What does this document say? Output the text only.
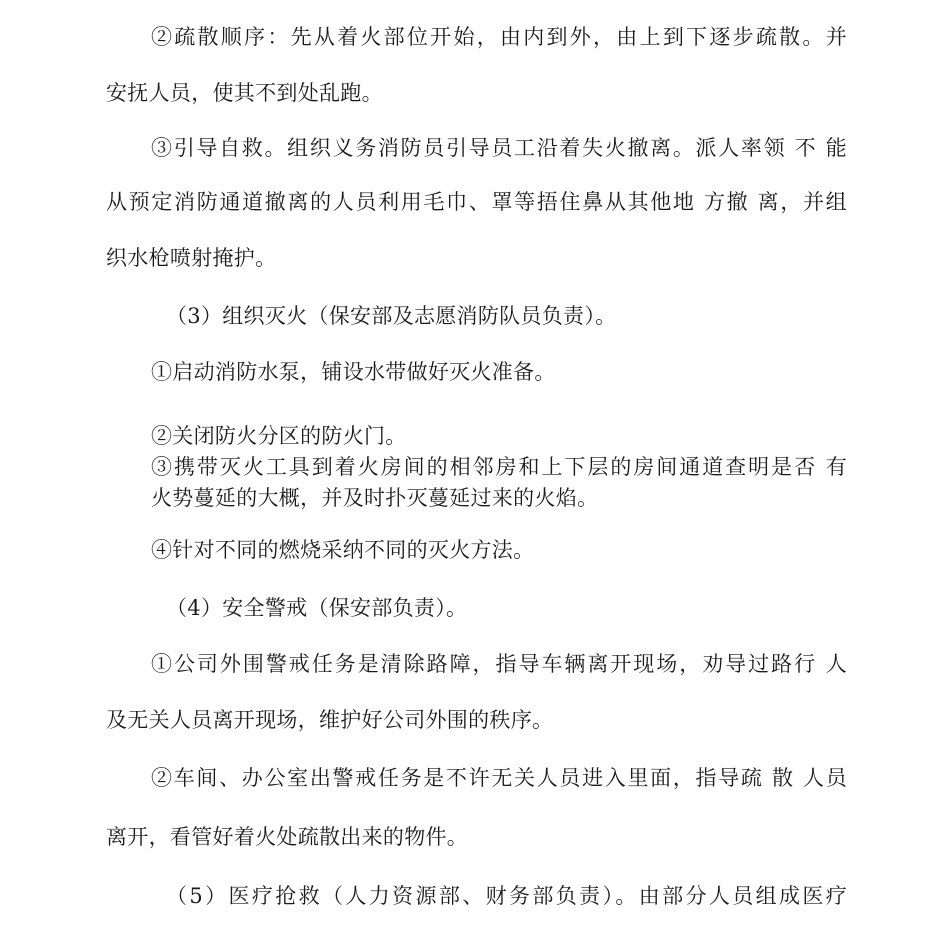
②疏散顺序：先从着火部位开始，由内到外，由上到下逐步疏散。并
安抚人员，使其不到处乱跑。
③引导自救。组织义务消防员引导员工沿着失火撤离。派人率领 不 能
从预定消防通道撤离的人员利用毛巾、罩等捂住鼻从其他地 方撤 离，并组
织水枪喷射掩护。
（3）组织灭火（保安部及志愿消防队员负责）。
①启动消防水泵，铺设水带做好灭火准备。
②关闭防火分区的防火门。
③携带灭火工具到着火房间的相邻房和上下层的房间通道查明是否 有
火势蔓延的大概，并及时扑灭蔓延过来的火焰。
④针对不同的燃烧采纳不同的灭火方法。
（4）安全警戒（保安部负责）。
①公司外围警戒任务是清除路障，指导车辆离开现场，劝导过路行 人
及无关人员离开现场，维护好公司外围的秩序。
②车间、办公室出警戒任务是不许无关人员进入里面，指导疏 散 人员
离开，看管好着火处疏散出来的物件。
（5）医疗抢救（人力资源部、财务部负责）。由部分人员组成医疗
